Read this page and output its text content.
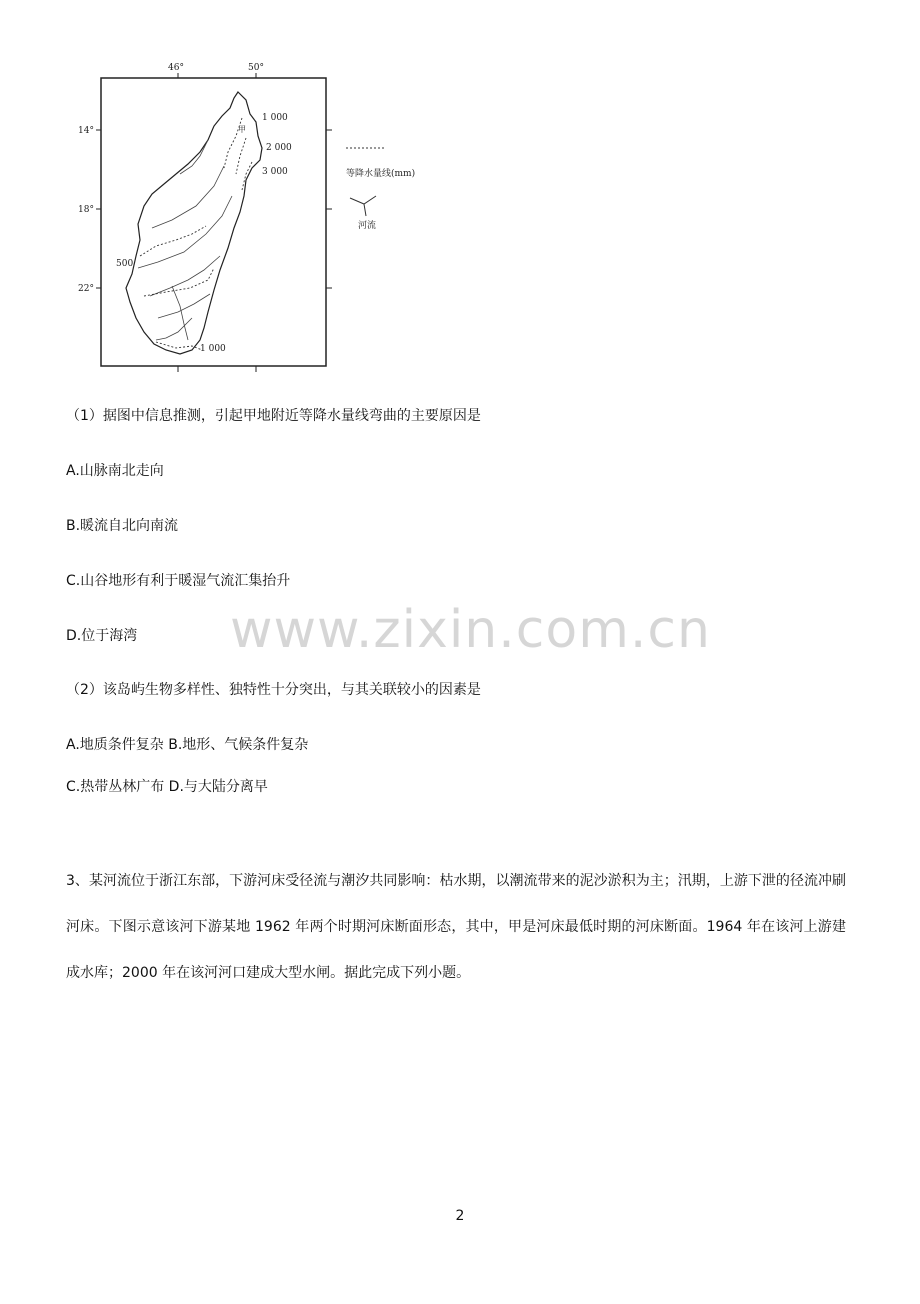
46°	50°
14°
18°
22°
1 000
2 000
3 000
500
1 000
甲
等降水量线(mm)
河流
（1）据图中信息推测，引起甲地附近等降水量线弯曲的主要原因是
A.山脉南北走向
B.暖流自北向南流
C.山谷地形有利于暖湿气流汇集抬升
D.位于海湾
（2）该岛屿生物多样性、独特性十分突出，与其关联较小的因素是
A.地质条件复杂 B.地形、气候条件复杂
C.热带丛林广布 D.与大陆分离早
3、某河流位于浙江东部，下游河床受径流与潮汐共同影响：枯水期，以潮流带来的泥沙淤积为主；汛期，上游下泄的径流冲刷河床。下图示意该河下游某地 1962 年两个时期河床断面形态，其中，甲是河床最低时期的河床断面。1964 年在该河上游建成水库；2000 年在该河河口建成大型水闸。据此完成下列小题。
www.zixin.com.cn
2
